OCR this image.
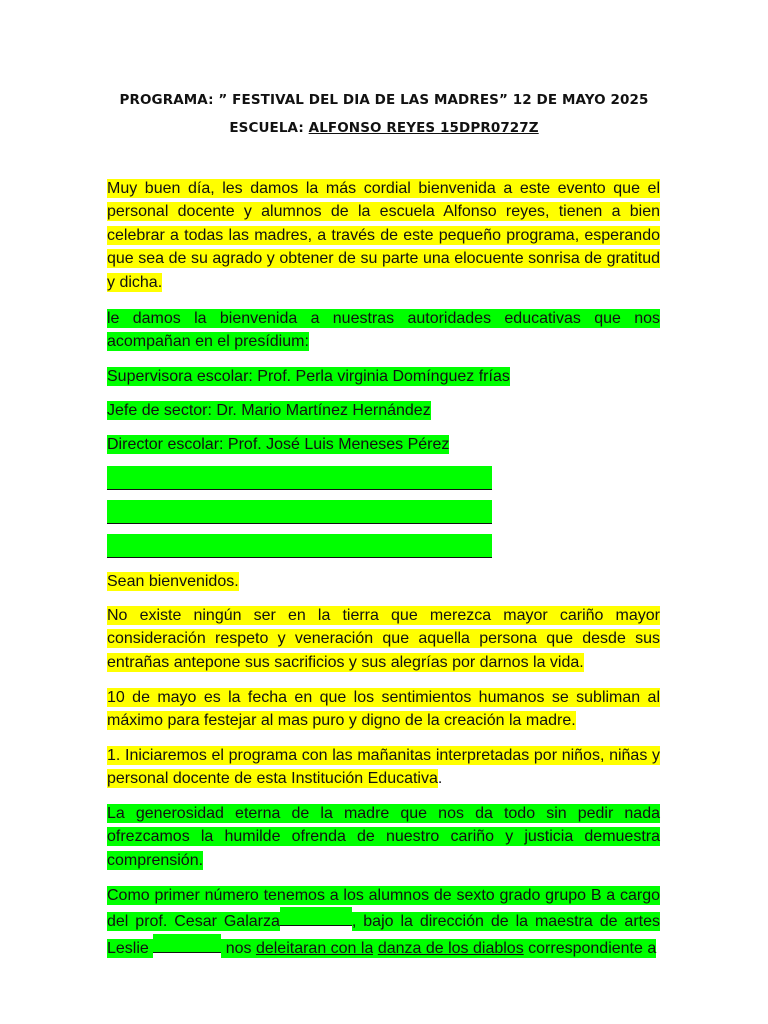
PROGRAMA: ” FESTIVAL DEL DIA DE LAS MADRES” 12 DE MAYO 2025
ESCUELA: ALFONSO REYES 15DPR0727Z
Muy buen día, les damos la más cordial bienvenida a este evento que el personal docente y alumnos de la escuela Alfonso reyes, tienen a bien celebrar a todas las madres, a través de este pequeño programa, esperando que sea de su agrado y obtener de su parte una elocuente sonrisa de gratitud y dicha.
le damos la bienvenida a nuestras autoridades educativas que nos acompañan en el presídium:
Supervisora escolar: Prof. Perla virginia Domínguez frías
Jefe de sector: Dr. Mario Martínez Hernández
Director escolar: Prof. José Luis Meneses Pérez
Sean bienvenidos.
No existe ningún ser en la tierra que merezca mayor cariño mayor consideración respeto y veneración que aquella persona que desde sus entrañas antepone sus sacrificios y sus alegrías por darnos la vida.
10 de mayo es la fecha en que los sentimientos humanos se subliman al máximo para festejar al mas puro y digno de la creación la madre.
1. Iniciaremos el programa con las mañanitas interpretadas por niños, niñas y personal docente de esta Institución Educativa.
La generosidad eterna de la madre que nos da todo sin pedir nada ofrezcamos la humilde ofrenda de nuestro cariño y justicia demuestra comprensión.
Como primer número tenemos a los alumnos de sexto grado grupo B a cargo del prof. Cesar Galarza	, bajo la dirección de la maestra de artes Leslie	nos deleitaran con la danza de los diablos correspondiente a
